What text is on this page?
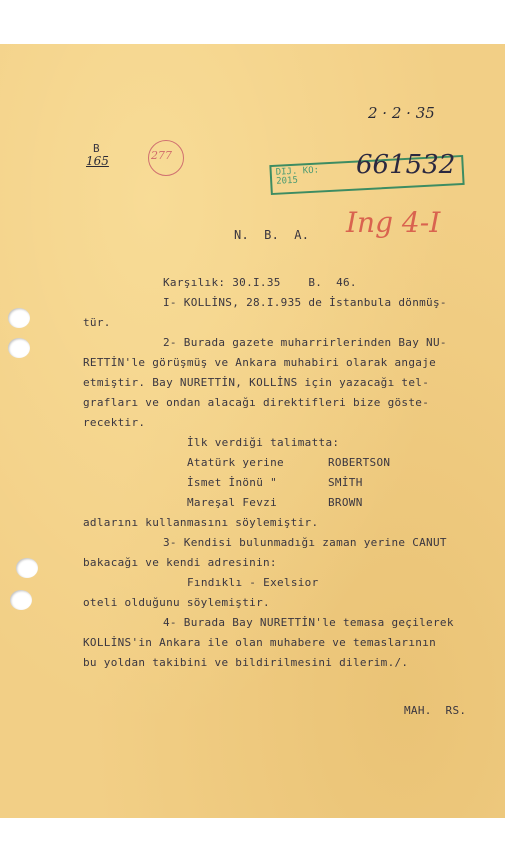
2 · 2 · 35
B
165	277
DIJ. KO:
2015
661532
N.  B.  A. Ing 4-I
Karşılık: 30.I.35    B.  46.
I- KOLLİNS, 28.I.935 de İstanbula dönmüş-
tür.
2- Burada gazete muharrirlerinden Bay NU-
RETTİN'le görüşmüş ve Ankara muhabiri olarak angaje
etmiştir. Bay NURETTİN, KOLLİNS için yazacağı tel-
grafları ve ondan alacağı direktifleri bize göste-
recektir.
İlk verdiği talimatta:
Atatürk yerine	ROBERTSON
İsmet İnönü "	SMİTH
Mareşal Fevzi	BROWN
adlarını kullanmasını söylemiştir.
3- Kendisi bulunmadığı zaman yerine CANUT
bakacağı ve kendi adresinin:
Fındıklı - Exelsior
oteli olduğunu söylemiştir.
4- Burada Bay NURETTİN'le temasa geçilerek
KOLLİNS'in Ankara ile olan muhabere ve temaslarının
bu yoldan takibini ve bildirilmesini dilerim./.
MAH.  RS.
